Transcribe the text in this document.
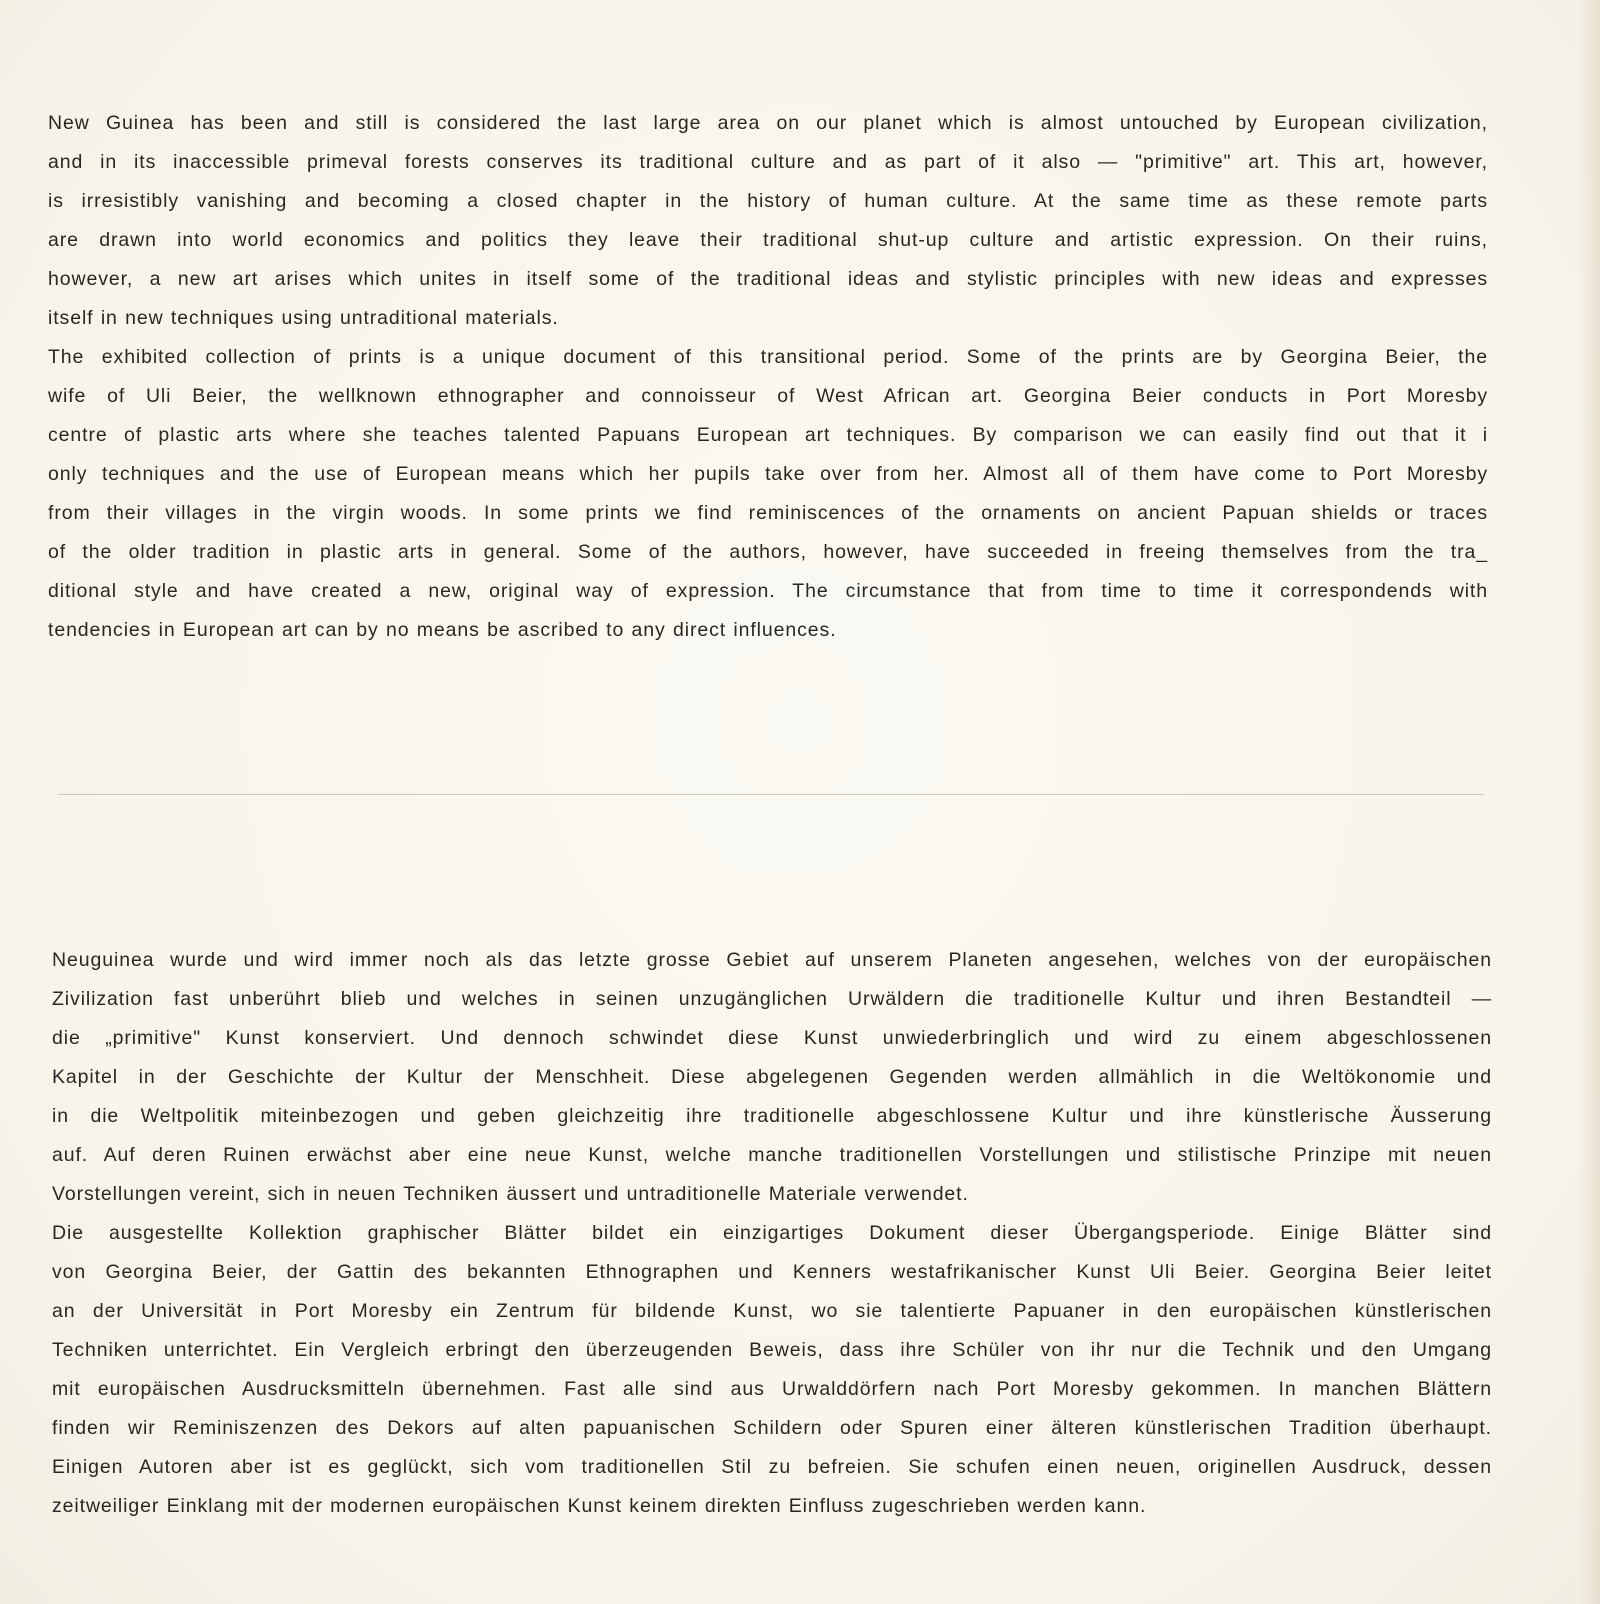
New Guinea has been and still is considered the last large area on our planet which is almost untouched by European civilization,
and in its inaccessible primeval forests conserves its traditional culture and as part of it also — "primitive" art. This art, however,
is irresistibly vanishing and becoming a closed chapter in the history of human culture. At the same time as these remote parts
are drawn into world economics and politics they leave their traditional shut-up culture and artistic expression. On their ruins,
however, a new art arises which unites in itself some of the traditional ideas and stylistic principles with new ideas and expresses
itself in new techniques using untraditional materials.
The exhibited collection of prints is a unique document of this transitional period. Some of the prints are by Georgina Beier, the
wife of Uli Beier, the wellknown ethnographer and connoisseur of West African art. Georgina Beier conducts in Port Moresby
centre of plastic arts where she teaches talented Papuans European art techniques. By comparison we can easily find out that it i
only techniques and the use of European means which her pupils take over from her. Almost all of them have come to Port Moresby
from their villages in the virgin woods. In some prints we find reminiscences of the ornaments on ancient Papuan shields or traces
of the older tradition in plastic arts in general. Some of the authors, however, have succeeded in freeing themselves from the tra_
ditional style and have created a new, original way of expression. The circumstance that from time to time it correspondends with
tendencies in European art can by no means be ascribed to any direct influences.
Neuguinea wurde und wird immer noch als das letzte grosse Gebiet auf unserem Planeten angesehen, welches von der europäischen
Zivilization fast unberührt blieb und welches in seinen unzugänglichen Urwäldern die traditionelle Kultur und ihren Bestandteil —
die „primitive" Kunst konserviert. Und dennoch schwindet diese Kunst unwiederbringlich und wird zu einem abgeschlossenen
Kapitel in der Geschichte der Kultur der Menschheit. Diese abgelegenen Gegenden werden allmählich in die Weltökonomie und
in die Weltpolitik miteinbezogen und geben gleichzeitig ihre traditionelle abgeschlossene Kultur und ihre künstlerische Äusserung
auf. Auf deren Ruinen erwächst aber eine neue Kunst, welche manche traditionellen Vorstellungen und stilistische Prinzipe mit neuen
Vorstellungen vereint, sich in neuen Techniken äussert und untraditionelle Materiale verwendet.
Die ausgestellte Kollektion graphischer Blätter bildet ein einzigartiges Dokument dieser Übergangsperiode. Einige Blätter sind
von Georgina Beier, der Gattin des bekannten Ethnographen und Kenners westafrikanischer Kunst Uli Beier. Georgina Beier leitet
an der Universität in Port Moresby ein Zentrum für bildende Kunst, wo sie talentierte Papuaner in den europäischen künstlerischen
Techniken unterrichtet. Ein Vergleich erbringt den überzeugenden Beweis, dass ihre Schüler von ihr nur die Technik und den Umgang
mit europäischen Ausdrucksmitteln übernehmen. Fast alle sind aus Urwalddörfern nach Port Moresby gekommen. In manchen Blättern
finden wir Reminiszenzen des Dekors auf alten papuanischen Schildern oder Spuren einer älteren künstlerischen Tradition überhaupt.
Einigen Autoren aber ist es geglückt, sich vom traditionellen Stil zu befreien. Sie schufen einen neuen, originellen Ausdruck, dessen
zeitweiliger Einklang mit der modernen europäischen Kunst keinem direkten Einfluss zugeschrieben werden kann.
